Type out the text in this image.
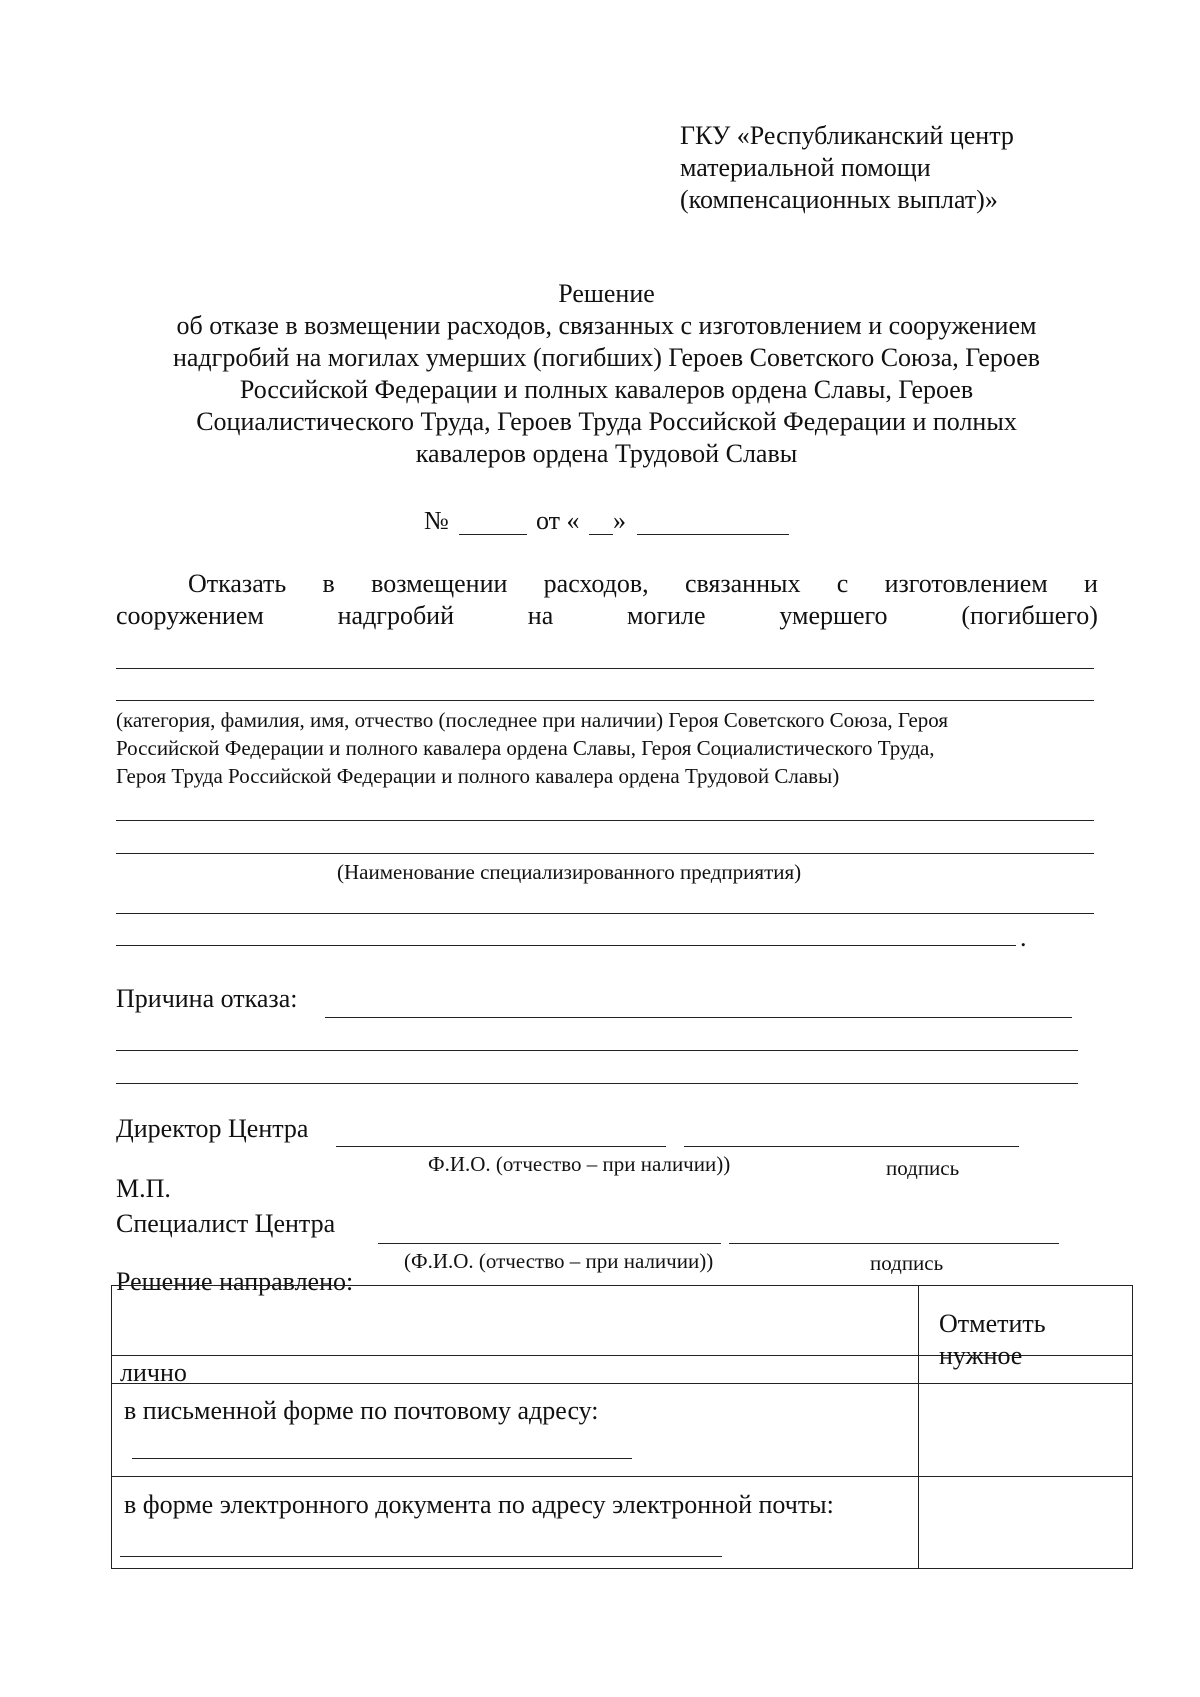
ГКУ «Республиканский центр
материальной помощи
(компенсационных выплат)»
Решение
об отказе в возмещении расходов, связанных с изготовлением и сооружением
надгробий на могилах умерших (погибших) Героев Советского Союза, Героев
Российской Федерации и полных кавалеров ордена Славы, Героев
Социалистического Труда, Героев Труда Российской Федерации и полных
кавалеров ордена Трудовой Славы
№	от « »
Отказать в возмещении расходов, связанных с изготовлением и
сооружением	надгробий	на	могиле	умершего	(погибшего)
(категория, фамилия, имя, отчество (последнее при наличии) Героя Советского Союза, Героя
Российской Федерации и полного кавалера ордена Славы, Героя Социалистического Труда,
Героя Труда Российской Федерации и полного кавалера ордена Трудовой Славы)
(Наименование специализированного предприятия)
.
Причина отказа:
Директор Центра
Ф.И.О. (отчество – при наличии))	подпись
М.П.
Специалист Центра
(Ф.И.О. (отчество – при наличии))	подпись
Решение направлено:
Отметить
нужное
лично
в письменной форме по почтовому адресу:
в форме электронного документа по адресу электронной почты:
